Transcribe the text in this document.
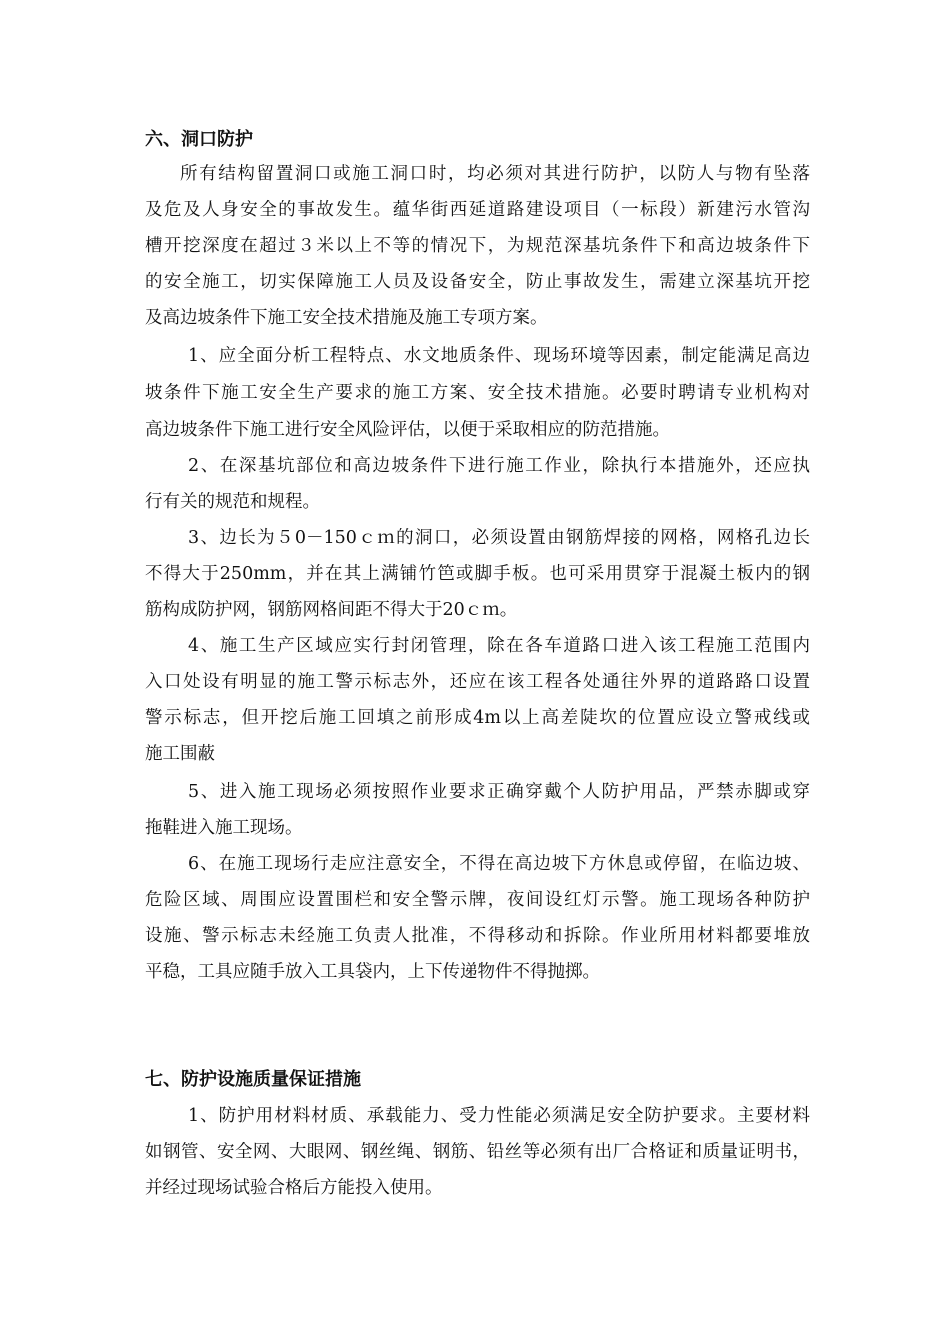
六、洞口防护
所有结构留置洞口或施工洞口时，均必须对其进行防护，以防人与物有坠落
及危及人身安全的事故发生。蕴华街西延道路建设项目（一标段）新建污水管沟
槽开挖深度在超过３米以上不等的情况下，为规范深基坑条件下和高边坡条件下
的安全施工，切实保障施工人员及设备安全，防止事故发生，需建立深基坑开挖
及高边坡条件下施工安全技术措施及施工专项方案。
1、应全面分析工程特点、水文地质条件、现场环境等因素，制定能满足高边
坡条件下施工安全生产要求的施工方案、安全技术措施。必要时聘请专业机构对
高边坡条件下施工进行安全风险评估，以便于采取相应的防范措施。
2、在深基坑部位和高边坡条件下进行施工作业，除执行本措施外，还应执
行有关的规范和规程。
3、边长为５0－150ｃｍ的洞口，必须设置由钢筋焊接的网格，网格孔边长
不得大于250mm，并在其上满铺竹笆或脚手板。也可采用贯穿于混凝土板内的钢
筋构成防护网，钢筋网格间距不得大于20ｃｍ。
4、施工生产区域应实行封闭管理，除在各车道路口进入该工程施工范围内
入口处设有明显的施工警示标志外，还应在该工程各处通往外界的道路路口设置
警示标志，但开挖后施工回填之前形成4m以上高差陡坎的位置应设立警戒线或
施工围蔽
5、进入施工现场必须按照作业要求正确穿戴个人防护用品，严禁赤脚或穿
拖鞋进入施工现场。
6、在施工现场行走应注意安全，不得在高边坡下方休息或停留，在临边坡、
危险区域、周围应设置围栏和安全警示牌，夜间设红灯示警。施工现场各种防护
设施、警示标志未经施工负责人批准，不得移动和拆除。作业所用材料都要堆放
平稳，工具应随手放入工具袋内，上下传递物件不得抛掷。
七、防护设施质量保证措施
1、防护用材料材质、承载能力、受力性能必须满足安全防护要求。主要材料
如钢管、安全网、大眼网、钢丝绳、钢筋、铅丝等必须有出厂合格证和质量证明书，
并经过现场试验合格后方能投入使用。
